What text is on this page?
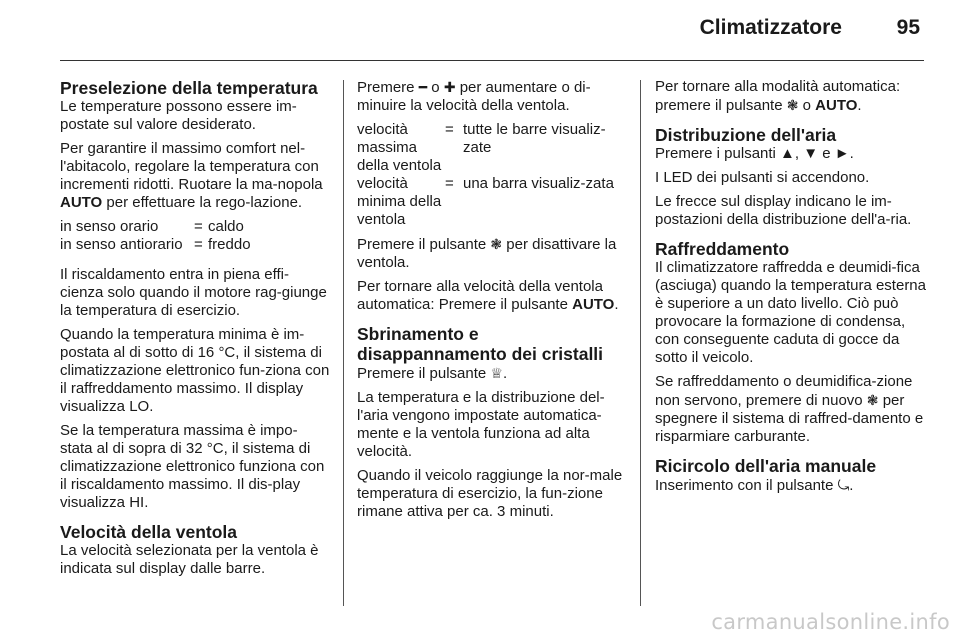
Climatizzatore	95
Preselezione della temperatura

Le temperature possono essere im-postate sul valore desiderato.

Per garantire il massimo comfort nel-l'abitacolo, regolare la temperatura con incrementi ridotti. Ruotare la ma-nopola AUTO per effettuare la rego-lazione.

in senso orario	= caldo
in senso antiorario = freddo

Il riscaldamento entra in piena effi-cienza solo quando il motore rag-giunge la temperatura di esercizio.

Quando la temperatura minima è im-postata al di sotto di 16 °C, il sistema di climatizzazione elettronico fun-ziona con il raffreddamento massimo. Il display visualizza LO.

Se la temperatura massima è impo-stata al di sopra di 32 °C, il sistema di climatizzazione elettronico funziona con il riscaldamento massimo. Il dis-play visualizza HI.

Velocità della ventola

La velocità selezionata per la ventola è indicata sul display dalle barre.

Premere ━ o ✚ per aumentare o di-minuire la velocità della ventola.

velocità massima della ventola
= tutte le barre visualiz-zate
velocità minima della ventola
= una barra visualiz-zata

Premere il pulsante ❃ per disattivare la ventola.

Per tornare alla velocità della ventola automatica: Premere il pulsante AUTO.

Sbrinamento e disappannamento dei cristalli

Premere il pulsante ♕.

La temperatura e la distribuzione del-l'aria vengono impostate automatica-mente e la ventola funziona ad alta velocità.

Quando il veicolo raggiunge la nor-male temperatura di esercizio, la fun-zione rimane attiva per ca. 3 minuti.

Per tornare alla modalità automatica: premere il pulsante ❃ o AUTO.

Distribuzione dell'aria

Premere i pulsanti ▲, ▼ e ►.

I LED dei pulsanti si accendono.

Le frecce sul display indicano le im-postazioni della distribuzione dell'a-ria.

Raffreddamento

Il climatizzatore raffredda e deumidi-fica (asciuga) quando la temperatura esterna è superiore a un dato livello. Ciò può provocare la formazione di condensa, con conseguente caduta di gocce da sotto il veicolo.

Se raffreddamento o deumidifica-zione non servono, premere di nuovo ❃ per spegnere il sistema di raffred-damento e risparmiare carburante.

Ricircolo dell'aria manuale

Inserimento con il pulsante ⤿.

carmanualsonline.info
